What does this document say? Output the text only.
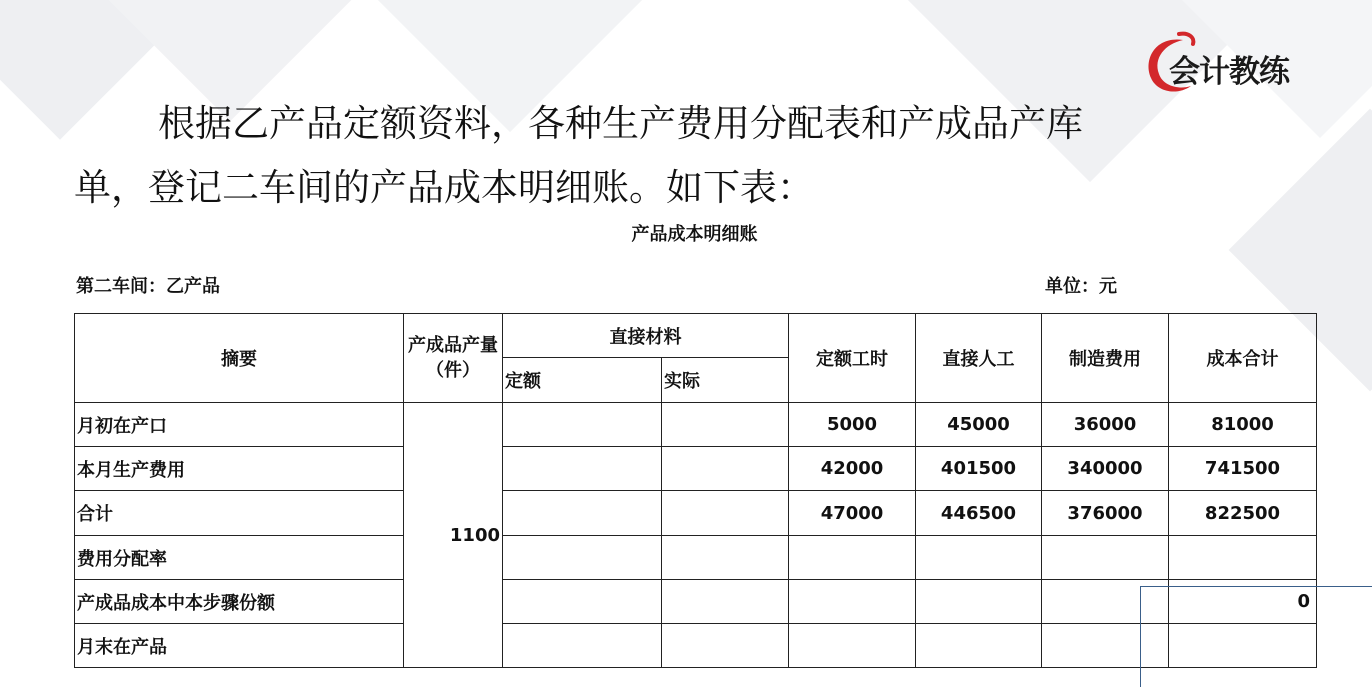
会计教练
根据乙产品定额资料，各种生产费用分配表和产成品产库
单，登记二车间的产品成本明细账。如下表：
产品成本明细账
第二车间：乙产品	单位：元
摘要	产成品产量（件）	直接材料		定额工时	直接人工	制造费用	成本合计
		定额	实际				
月初在产口	1100			5000	45000	36000	81000
本月生产费用				42000	401500	340000	741500
合计				47000	446500	376000	822500
费用分配率							
产成品成本中本步骤份额							0
月末在产品							
